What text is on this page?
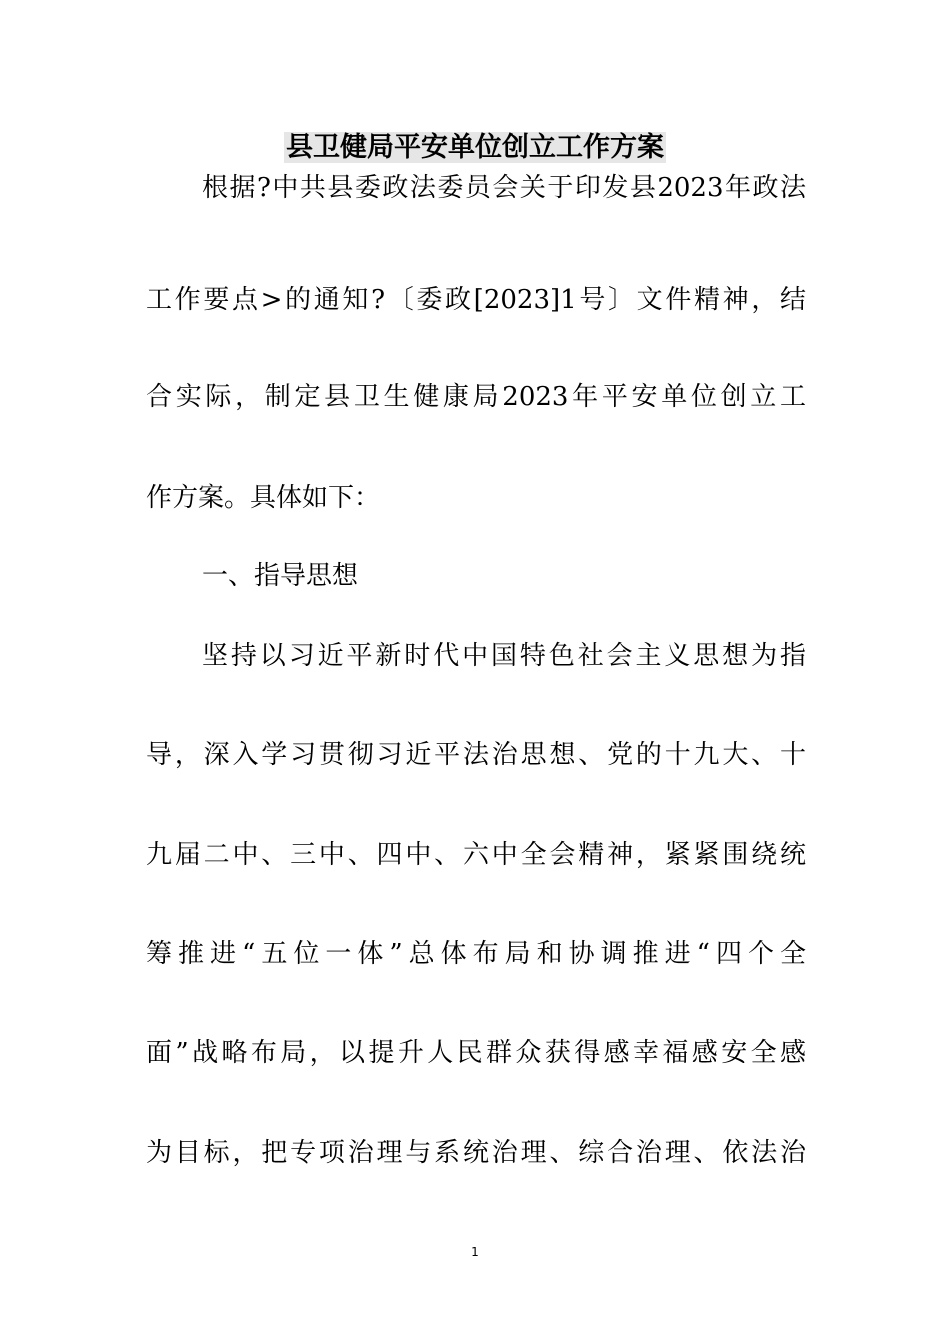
县卫健局平安单位创立工作方案

根据?中共县委政法委员会关于印发县2023年政法

工作要点>的通知?〔委政[2023]1号〕文件精神，结

合实际，制定县卫生健康局2023年平安单位创立工

作方案。具体如下：

一、指导思想

坚持以习近平新时代中国特色社会主义思想为指

导，深入学习贯彻习近平法治思想、党的十九大、十

九届二中、三中、四中、六中全会精神，紧紧围绕统

筹推进“五位一体”总体布局和协调推进“四个全

面”战略布局，以提升人民群众获得感幸福感安全感

为目标，把专项治理与系统治理、综合治理、依法治

1
